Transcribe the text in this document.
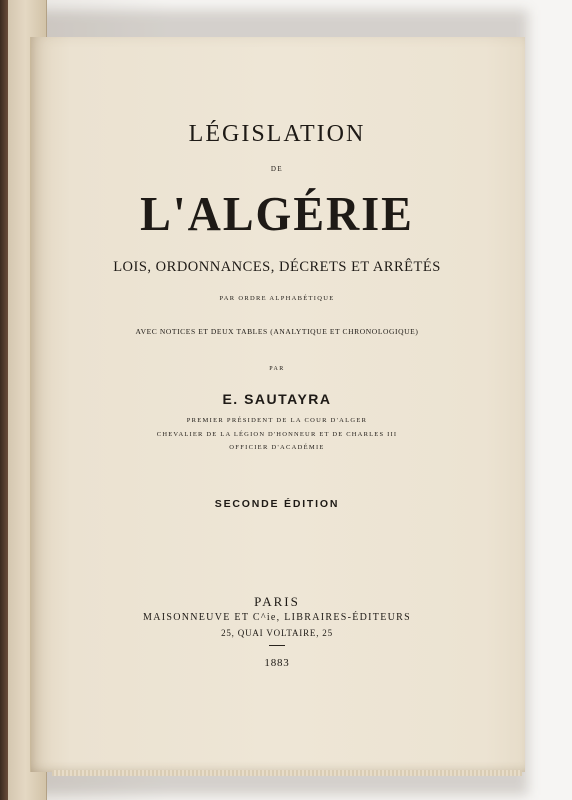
LÉGISLATION
DE
L'ALGÉRIE
LOIS, ORDONNANCES, DÉCRETS ET ARRÊTÉS
PAR ORDRE ALPHABÉTIQUE
AVEC NOTICES ET DEUX TABLES (ANALYTIQUE ET CHRONOLOGIQUE)
PAR
E. SAUTAYRA
PREMIER PRÉSIDENT DE LA COUR D'ALGER
CHEVALIER DE LA LÉGION D'HONNEUR ET DE CHARLES III
OFFICIER D'ACADÉMIE
SECONDE ÉDITION
PARIS
MAISONNEUVE ET C^ie, LIBRAIRES-ÉDITEURS
25, QUAI VOLTAIRE, 25
1883
